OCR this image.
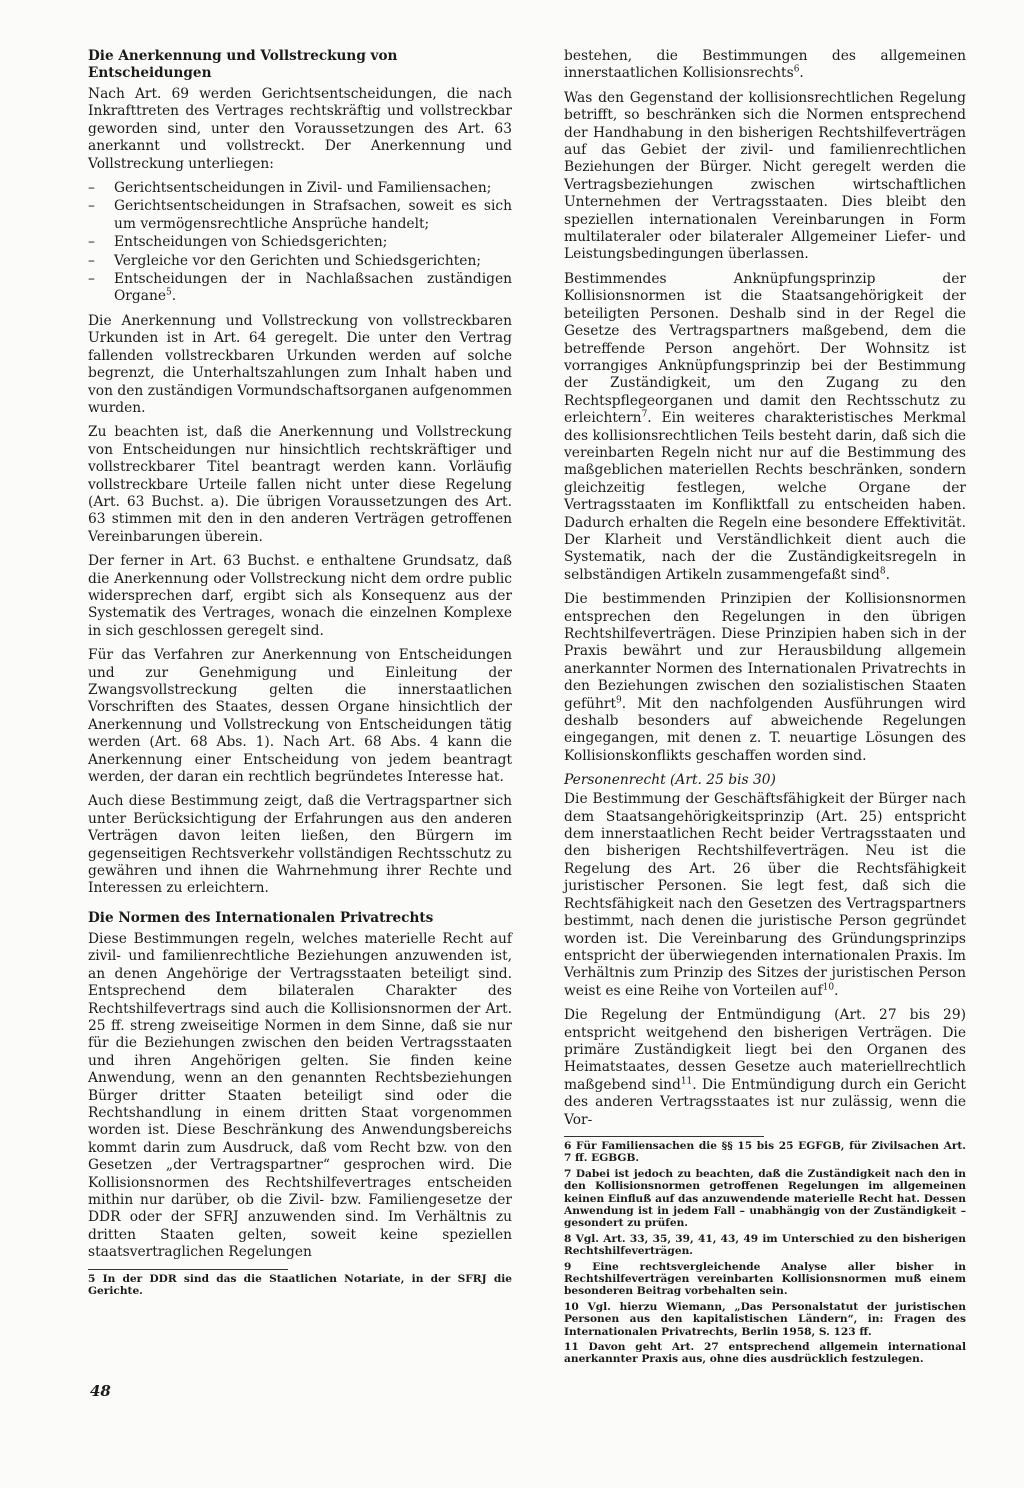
Die Anerkennung und Vollstreckung von Entscheidungen

Nach Art. 69 werden Gerichtsentscheidungen, die nach Inkrafttreten des Vertrages rechtskräftig und vollstreckbar geworden sind, unter den Voraussetzungen des Art. 63 anerkannt und vollstreckt. Der Anerkennung und Vollstreckung unterliegen:

– Gerichtsentscheidungen in Zivil- und Familiensachen;
– Gerichtsentscheidungen in Strafsachen, soweit es sich um vermögensrechtliche Ansprüche handelt;
– Entscheidungen von Schiedsgerichten;
– Vergleiche vor den Gerichten und Schiedsgerichten;
– Entscheidungen der in Nachlaßsachen zuständigen Organe$^5$.

Die Anerkennung und Vollstreckung von vollstreckbaren Urkunden ist in Art. 64 geregelt. Die unter den Vertrag fallenden vollstreckbaren Urkunden werden auf solche begrenzt, die Unterhaltszahlungen zum Inhalt haben und von den zuständigen Vormundschaftsorganen aufgenommen wurden.

Zu beachten ist, daß die Anerkennung und Vollstreckung von Entscheidungen nur hinsichtlich rechtskräftiger und vollstreckbarer Titel beantragt werden kann. Vorläufig vollstreckbare Urteile fallen nicht unter diese Regelung (Art. 63 Buchst. a). Die übrigen Voraussetzungen des Art. 63 stimmen mit den in den anderen Verträgen getroffenen Vereinbarungen überein.

Der ferner in Art. 63 Buchst. e enthaltene Grundsatz, daß die Anerkennung oder Vollstreckung nicht dem ordre public widersprechen darf, ergibt sich als Konsequenz aus der Systematik des Vertrages, wonach die einzelnen Komplexe in sich geschlossen geregelt sind.

Für das Verfahren zur Anerkennung von Entscheidungen und zur Genehmigung und Einleitung der Zwangsvollstreckung gelten die innerstaatlichen Vorschriften des Staates, dessen Organe hinsichtlich der Anerkennung und Vollstreckung von Entscheidungen tätig werden (Art. 68 Abs. 1). Nach Art. 68 Abs. 4 kann die Anerkennung einer Entscheidung von jedem beantragt werden, der daran ein rechtlich begründetes Interesse hat.

Auch diese Bestimmung zeigt, daß die Vertragspartner sich unter Berücksichtigung der Erfahrungen aus den anderen Verträgen davon leiten ließen, den Bürgern im gegenseitigen Rechtsverkehr vollständigen Rechtsschutz zu gewähren und ihnen die Wahrnehmung ihrer Rechte und Interessen zu erleichtern.

Die Normen des Internationalen Privatrechts

Diese Bestimmungen regeln, welches materielle Recht auf zivil- und familienrechtliche Beziehungen anzuwenden ist, an denen Angehörige der Vertragsstaaten beteiligt sind. Entsprechend dem bilateralen Charakter des Rechtshilfevertrags sind auch die Kollisionsnormen der Art. 25 ff. streng zweiseitige Normen in dem Sinne, daß sie nur für die Beziehungen zwischen den beiden Vertragsstaaten und ihren Angehörigen gelten. Sie finden keine Anwendung, wenn an den genannten Rechtsbeziehungen Bürger dritter Staaten beteiligt sind oder die Rechtshandlung in einem dritten Staat vorgenommen worden ist. Diese Beschränkung des Anwendungsbereichs kommt darin zum Ausdruck, daß vom Recht bzw. von den Gesetzen „der Vertragspartner“ gesprochen wird. Die Kollisionsnormen des Rechtshilfevertrages entscheiden mithin nur darüber, ob die Zivil- bzw. Familiengesetze der DDR oder der SFRJ anzuwenden sind. Im Verhältnis zu dritten Staaten gelten, soweit keine speziellen staatsvertraglichen Regelungen

5 In der DDR sind das die Staatlichen Notariate, in der SFRJ die Gerichte.

bestehen, die Bestimmungen des allgemeinen innerstaatlichen Kollisionsrechts$^6$.

Was den Gegenstand der kollisionsrechtlichen Regelung betrifft, so beschränken sich die Normen entsprechend der Handhabung in den bisherigen Rechtshilfeverträgen auf das Gebiet der zivil- und familienrechtlichen Beziehungen der Bürger. Nicht geregelt werden die Vertragsbeziehungen zwischen wirtschaftlichen Unternehmen der Vertragsstaaten. Dies bleibt den speziellen internationalen Vereinbarungen in Form multilateraler oder bilateraler Allgemeiner Liefer- und Leistungsbedingungen überlassen.

Bestimmendes Anknüpfungsprinzip der Kollisionsnormen ist die Staatsangehörigkeit der beteiligten Personen. Deshalb sind in der Regel die Gesetze des Vertragspartners maßgebend, dem die betreffende Person angehört. Der Wohnsitz ist vorrangiges Anknüpfungsprinzip bei der Bestimmung der Zuständigkeit, um den Zugang zu den Rechtspflegeorganen und damit den Rechtsschutz zu erleichtern$^7$. Ein weiteres charakteristisches Merkmal des kollisionsrechtlichen Teils besteht darin, daß sich die vereinbarten Regeln nicht nur auf die Bestimmung des maßgeblichen materiellen Rechts beschränken, sondern gleichzeitig festlegen, welche Organe der Vertragsstaaten im Konfliktfall zu entscheiden haben. Dadurch erhalten die Regeln eine besondere Effektivität. Der Klarheit und Verständlichkeit dient auch die Systematik, nach der die Zuständigkeitsregeln in selbständigen Artikeln zusammengefaßt sind$^8$.

Die bestimmenden Prinzipien der Kollisionsnormen entsprechen den Regelungen in den übrigen Rechtshilfeverträgen. Diese Prinzipien haben sich in der Praxis bewährt und zur Herausbildung allgemein anerkannter Normen des Internationalen Privatrechts in den Beziehungen zwischen den sozialistischen Staaten geführt$^9$. Mit den nachfolgenden Ausführungen wird deshalb besonders auf abweichende Regelungen eingegangen, mit denen z. T. neuartige Lösungen des Kollisionskonflikts geschaffen worden sind.

Personenrecht (Art. 25 bis 30)

Die Bestimmung der Geschäftsfähigkeit der Bürger nach dem Staatsangehörigkeitsprinzip (Art. 25) entspricht dem innerstaatlichen Recht beider Vertragsstaaten und den bisherigen Rechtshilfeverträgen. Neu ist die Regelung des Art. 26 über die Rechtsfähigkeit juristischer Personen. Sie legt fest, daß sich die Rechtsfähigkeit nach den Gesetzen des Vertragspartners bestimmt, nach denen die juristische Person gegründet worden ist. Die Vereinbarung des Gründungsprinzips entspricht der überwiegenden internationalen Praxis. Im Verhältnis zum Prinzip des Sitzes der juristischen Person weist es eine Reihe von Vorteilen auf$^{10}$.

Die Regelung der Entmündigung (Art. 27 bis 29) entspricht weitgehend den bisherigen Verträgen. Die primäre Zuständigkeit liegt bei den Organen des Heimatstaates, dessen Gesetze auch materiellrechtlich maßgebend sind$^{11}$. Die Entmündigung durch ein Gericht des anderen Vertragsstaates ist nur zulässig, wenn die Vor-

6 Für Familiensachen die §§ 15 bis 25 EGFGB, für Zivilsachen Art. 7 ff. EGBGB.
7 Dabei ist jedoch zu beachten, daß die Zuständigkeit nach den in den Kollisionsnormen getroffenen Regelungen im allgemeinen keinen Einfluß auf das anzuwendende materielle Recht hat. Dessen Anwendung ist in jedem Fall – unabhängig von der Zuständigkeit – gesondert zu prüfen.
8 Vgl. Art. 33, 35, 39, 41, 43, 49 im Unterschied zu den bisherigen Rechtshilfeverträgen.
9 Eine rechtsvergleichende Analyse aller bisher in Rechtshilfeverträgen vereinbarten Kollisionsnormen muß einem besonderen Beitrag vorbehalten sein.
10 Vgl. hierzu Wiemann, „Das Personalstatut der juristischen Personen aus den kapitalistischen Ländern“, in: Fragen des Internationalen Privatrechts, Berlin 1958, S. 123 ff.
11 Davon geht Art. 27 entsprechend allgemein international anerkannter Praxis aus, ohne dies ausdrücklich festzulegen.
48
